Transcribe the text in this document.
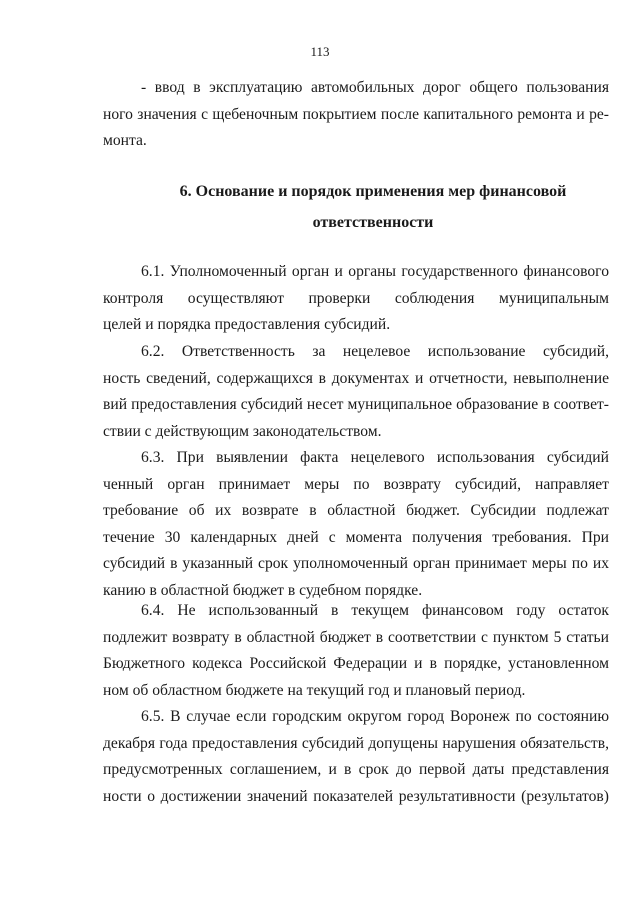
113
- ввод в эксплуатацию автомобильных дорог общего пользования
ного значения с щебеночным покрытием после капитального ремонта и ре-
монта.
6. Основание и порядок применения мер финансовой
ответственности
6.1. Уполномоченный орган и органы государственного финансового
контроля осуществляют проверки соблюдения муниципальным
целей и порядка предоставления субсидий.
6.2. Ответственность за нецелевое использование субсидий,
ность сведений, содержащихся в документах и отчетности, невыполнение
вий предоставления субсидий несет муниципальное образование в соответ-
ствии с действующим законодательством.
6.3. При выявлении факта нецелевого использования субсидий
ченный орган принимает меры по возврату субсидий, направляет
требование об их возврате в областной бюджет. Субсидии подлежат
течение 30 календарных дней с момента получения требования. При
субсидий в указанный срок уполномоченный орган принимает меры по их
канию в областной бюджет в судебном порядке.
6.4. Не использованный в текущем финансовом году остаток
подлежит возврату в областной бюджет в соответствии с пунктом 5 статьи
Бюджетного кодекса Российской Федерации и в порядке, установленном
ном об областном бюджете на текущий год и плановый период.
6.5. В случае если городским округом город Воронеж по состоянию
декабря года предоставления субсидий допущены нарушения обязательств,
предусмотренных соглашением, и в срок до первой даты представления
ности о достижении значений показателей результативности (результатов)
